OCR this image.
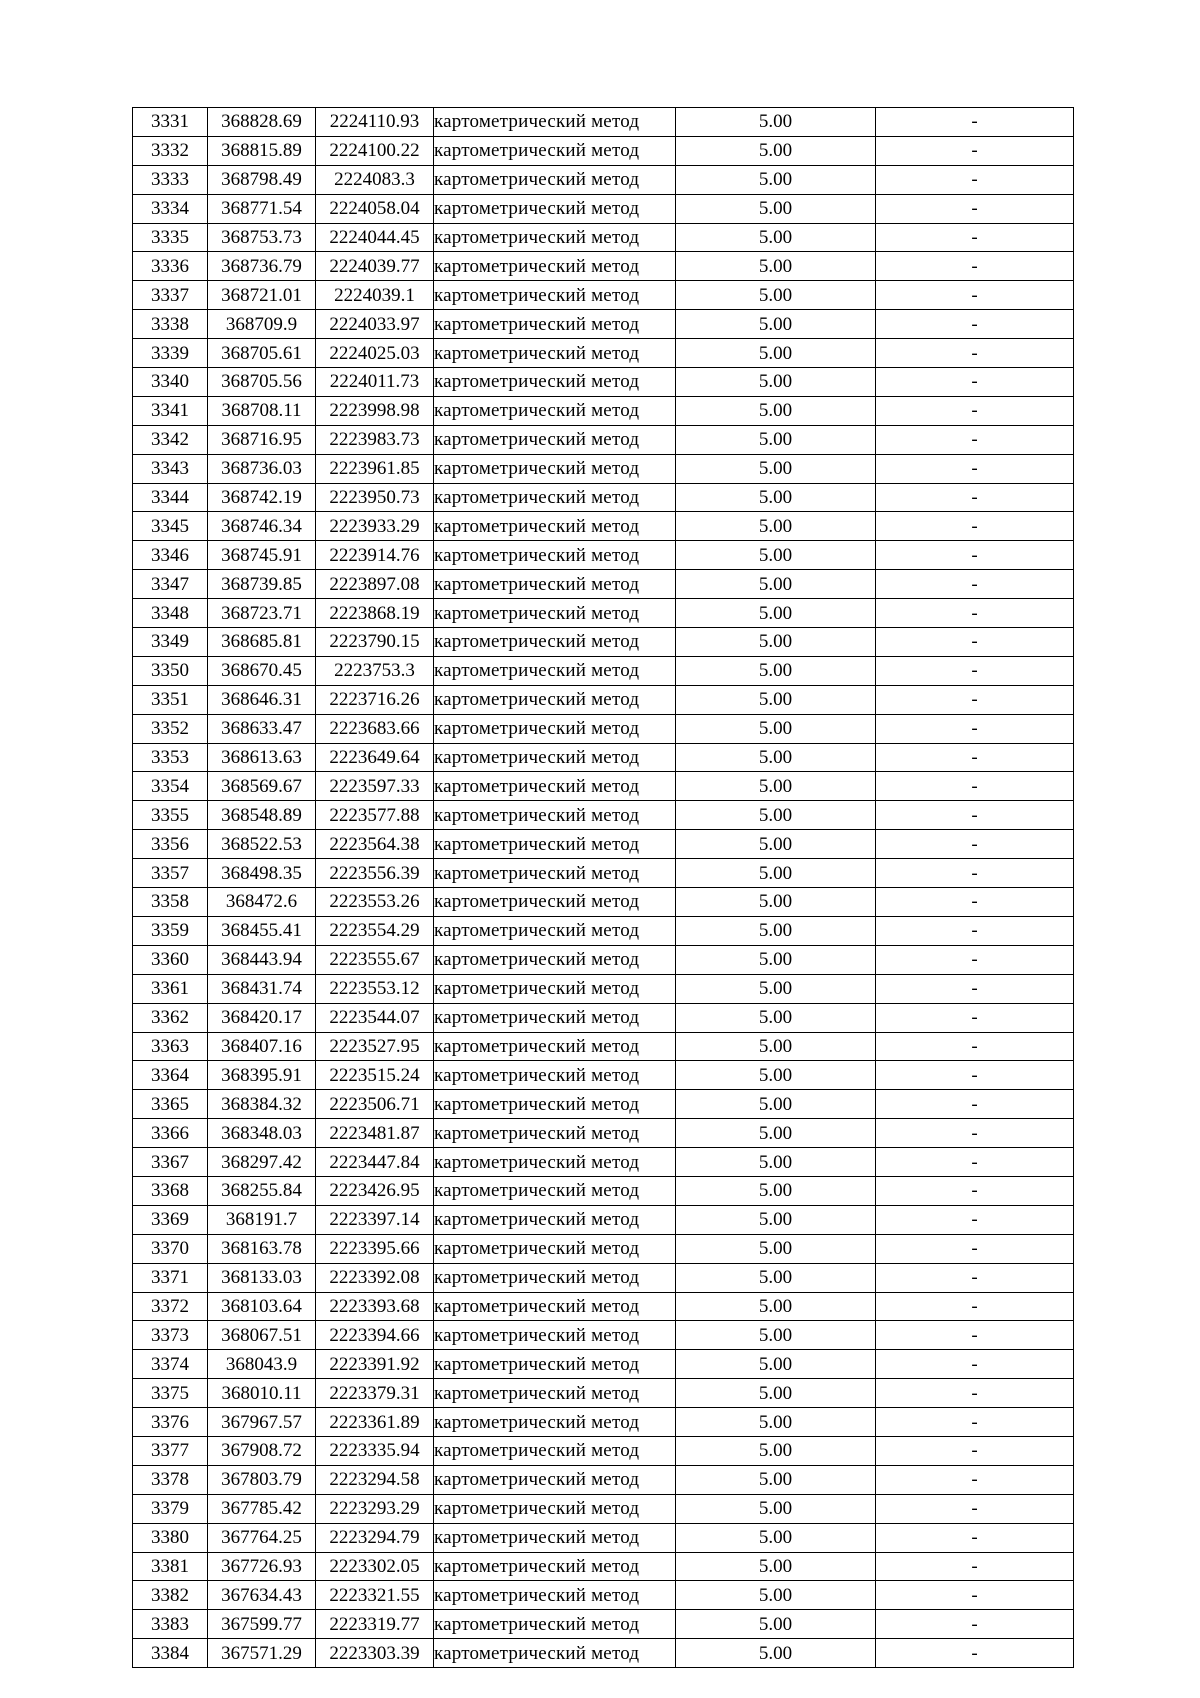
3331	368828.69	2224110.93	картометрический метод	5.00	-
3332	368815.89	2224100.22	картометрический метод	5.00	-
3333	368798.49	2224083.3	картометрический метод	5.00	-
3334	368771.54	2224058.04	картометрический метод	5.00	-
3335	368753.73	2224044.45	картометрический метод	5.00	-
3336	368736.79	2224039.77	картометрический метод	5.00	-
3337	368721.01	2224039.1	картометрический метод	5.00	-
3338	368709.9	2224033.97	картометрический метод	5.00	-
3339	368705.61	2224025.03	картометрический метод	5.00	-
3340	368705.56	2224011.73	картометрический метод	5.00	-
3341	368708.11	2223998.98	картометрический метод	5.00	-
3342	368716.95	2223983.73	картометрический метод	5.00	-
3343	368736.03	2223961.85	картометрический метод	5.00	-
3344	368742.19	2223950.73	картометрический метод	5.00	-
3345	368746.34	2223933.29	картометрический метод	5.00	-
3346	368745.91	2223914.76	картометрический метод	5.00	-
3347	368739.85	2223897.08	картометрический метод	5.00	-
3348	368723.71	2223868.19	картометрический метод	5.00	-
3349	368685.81	2223790.15	картометрический метод	5.00	-
3350	368670.45	2223753.3	картометрический метод	5.00	-
3351	368646.31	2223716.26	картометрический метод	5.00	-
3352	368633.47	2223683.66	картометрический метод	5.00	-
3353	368613.63	2223649.64	картометрический метод	5.00	-
3354	368569.67	2223597.33	картометрический метод	5.00	-
3355	368548.89	2223577.88	картометрический метод	5.00	-
3356	368522.53	2223564.38	картометрический метод	5.00	-
3357	368498.35	2223556.39	картометрический метод	5.00	-
3358	368472.6	2223553.26	картометрический метод	5.00	-
3359	368455.41	2223554.29	картометрический метод	5.00	-
3360	368443.94	2223555.67	картометрический метод	5.00	-
3361	368431.74	2223553.12	картометрический метод	5.00	-
3362	368420.17	2223544.07	картометрический метод	5.00	-
3363	368407.16	2223527.95	картометрический метод	5.00	-
3364	368395.91	2223515.24	картометрический метод	5.00	-
3365	368384.32	2223506.71	картометрический метод	5.00	-
3366	368348.03	2223481.87	картометрический метод	5.00	-
3367	368297.42	2223447.84	картометрический метод	5.00	-
3368	368255.84	2223426.95	картометрический метод	5.00	-
3369	368191.7	2223397.14	картометрический метод	5.00	-
3370	368163.78	2223395.66	картометрический метод	5.00	-
3371	368133.03	2223392.08	картометрический метод	5.00	-
3372	368103.64	2223393.68	картометрический метод	5.00	-
3373	368067.51	2223394.66	картометрический метод	5.00	-
3374	368043.9	2223391.92	картометрический метод	5.00	-
3375	368010.11	2223379.31	картометрический метод	5.00	-
3376	367967.57	2223361.89	картометрический метод	5.00	-
3377	367908.72	2223335.94	картометрический метод	5.00	-
3378	367803.79	2223294.58	картометрический метод	5.00	-
3379	367785.42	2223293.29	картометрический метод	5.00	-
3380	367764.25	2223294.79	картометрический метод	5.00	-
3381	367726.93	2223302.05	картометрический метод	5.00	-
3382	367634.43	2223321.55	картометрический метод	5.00	-
3383	367599.77	2223319.77	картометрический метод	5.00	-
3384	367571.29	2223303.39	картометрический метод	5.00	-
